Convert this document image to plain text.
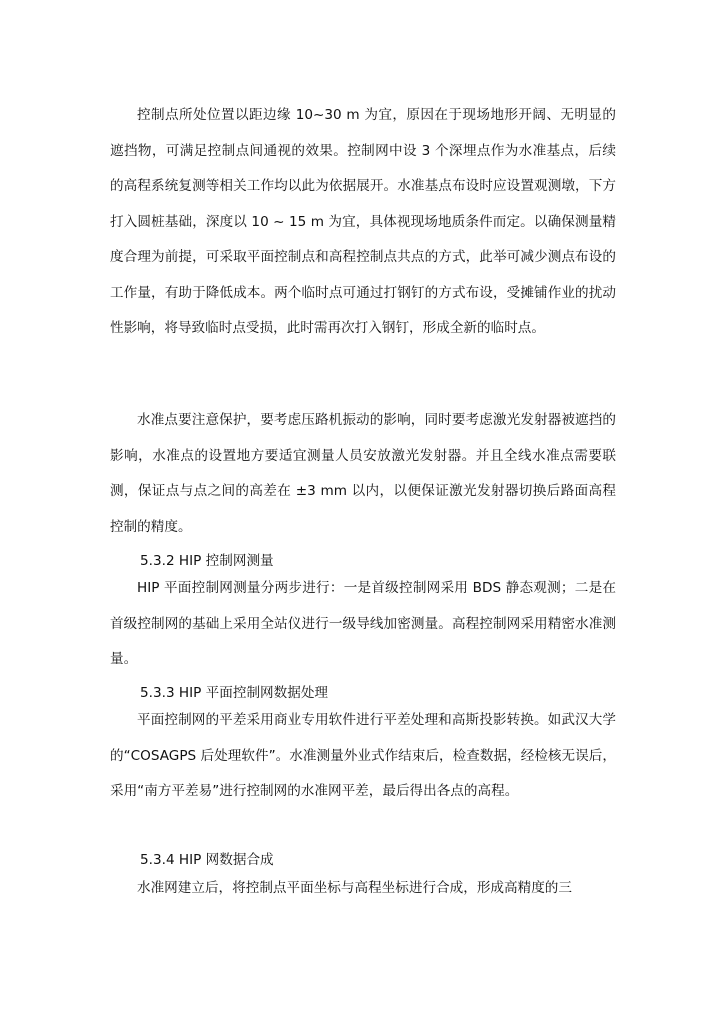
控制点所处位置以距边缘 10~30 m 为宜，原因在于现场地形开阔、无明显的遮挡物，可满足控制点间通视的效果。控制网中设 3 个深埋点作为水准基点，后续的高程系统复测等相关工作均以此为依据展开。水准基点布设时应设置观测墩，下方打入圆桩基础，深度以 10 ~ 15 m 为宜，具体视现场地质条件而定。以确保测量精度合理为前提，可采取平面控制点和高程控制点共点的方式，此举可减少测点布设的工作量，有助于降低成本。两个临时点可通过打钢钉的方式布设，受摊铺作业的扰动性影响，将导致临时点受损，此时需再次打入钢钉，形成全新的临时点。

水准点要注意保护，要考虑压路机振动的影响，同时要考虑激光发射器被遮挡的影响，水准点的设置地方要适宜测量人员安放激光发射器。并且全线水准点需要联测，保证点与点之间的高差在 ±3 mm 以内，以便保证激光发射器切换后路面高程控制的精度。

5.3.2 HIP 控制网测量

HIP 平面控制网测量分两步进行：一是首级控制网采用 BDS 静态观测；二是在首级控制网的基础上采用全站仪进行一级导线加密测量。高程控制网采用精密水准测量。

5.3.3 HIP 平面控制网数据处理

平面控制网的平差采用商业专用软件进行平差处理和高斯投影转换。如武汉大学的“COSAGPS 后处理软件”。水准测量外业式作结束后，检查数据，经检核无误后，采用“南方平差易”进行控制网的水准网平差，最后得出各点的高程。

5.3.4 HIP 网数据合成

水准网建立后，将控制点平面坐标与高程坐标进行合成，形成高精度的三
